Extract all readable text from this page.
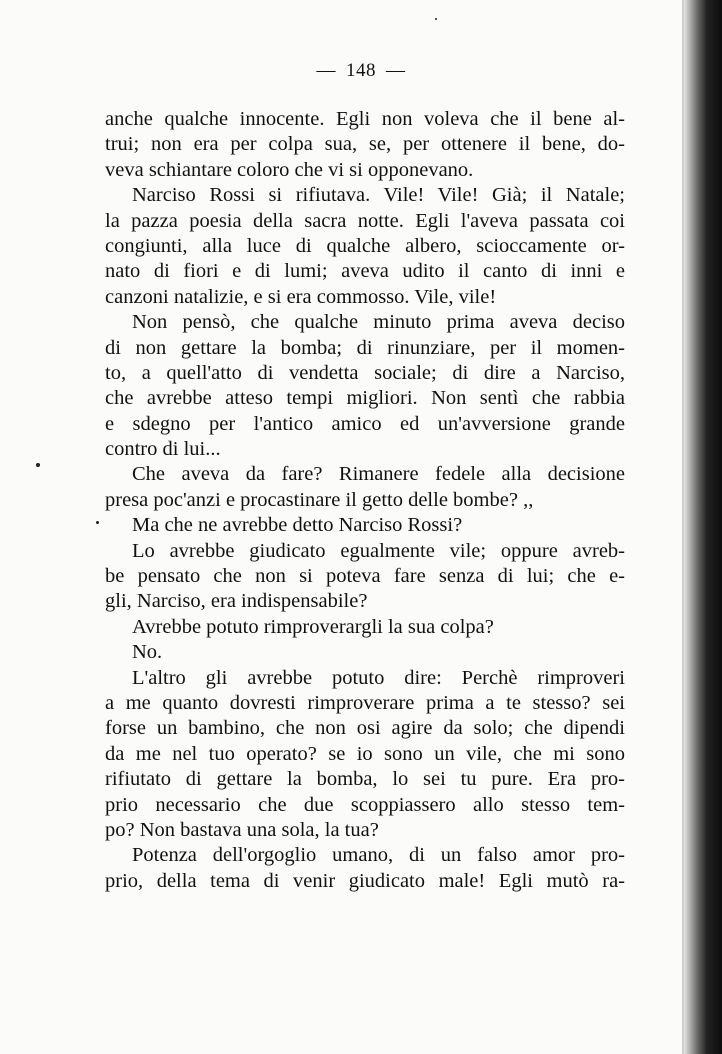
— 148 —

anche qualche innocente. Egli non voleva che il bene al-
trui; non era per colpa sua, se, per ottenere il bene, do-
veva schiantare coloro che vi si opponevano.

Narciso Rossi si rifiutava. Vile! Vile! Già; il Natale;
la pazza poesia della sacra notte. Egli l'aveva passata coi
congiunti, alla luce di qualche albero, scioccamente or-
nato di fiori e di lumi; aveva udito il canto di inni e
canzoni natalizie, e si era commosso. Vile, vile!

Non pensò, che qualche minuto prima aveva deciso
di non gettare la bomba; di rinunziare, per il momen-
to, a quell'atto di vendetta sociale; di dire a Narciso,
che avrebbe atteso tempi migliori. Non sentì che rabbia
e sdegno per l'antico amico ed un'avversione grande
contro di lui...

Che aveva da fare? Rimanere fedele alla decisione
presa poc'anzi e procastinare il getto delle bombe? ,,

Ma che ne avrebbe detto Narciso Rossi?

Lo avrebbe giudicato egualmente vile; oppure avreb-
be pensato che non si poteva fare senza di lui; che e-
gli, Narciso, era indispensabile?

Avrebbe potuto rimproverargli la sua colpa?

No.

L'altro gli avrebbe potuto dire: Perchè rimproveri
a me quanto dovresti rimproverare prima a te stesso? sei
forse un bambino, che non osi agire da solo; che dipendi
da me nel tuo operato? se io sono un vile, che mi sono
rifiutato di gettare la bomba, lo sei tu pure. Era pro-
prio necessario che due scoppiassero allo stesso tem-
po? Non bastava una sola, la tua?

Potenza dell'orgoglio umano, di un falso amor pro-
prio, della tema di venir giudicato male! Egli mutò ra-
